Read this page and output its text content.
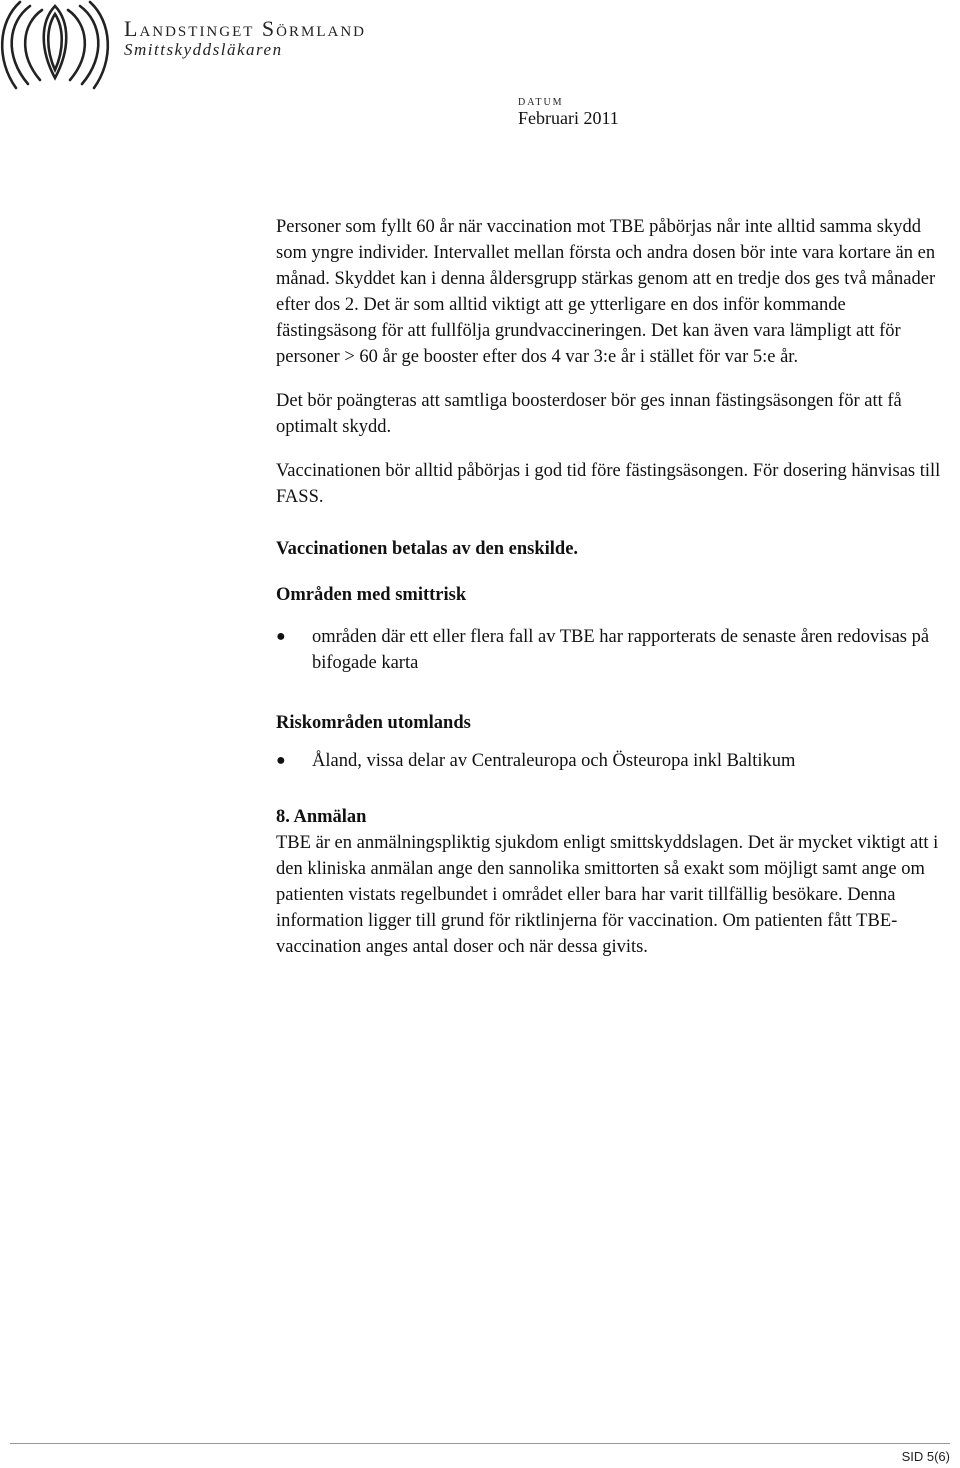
Landstinget Sörmland

Smittskyddsläkaren

DATUM

Februari 2011

Personer som fyllt 60 år när vaccination mot TBE påbörjas når inte alltid samma skydd som yngre individer. Intervallet mellan första och andra dosen bör inte vara kortare än en månad. Skyddet kan i denna åldersgrupp stärkas genom att en tredje dos ges två månader efter dos 2. Det är som alltid viktigt att ge ytterligare en dos inför kommande fästingsäsong för att fullfölja grundvaccineringen. Det kan även vara lämpligt att för personer > 60 år ge booster efter dos 4 var 3:e år i stället för var 5:e år.

Det bör poängteras att samtliga boosterdoser bör ges innan fästingsäsongen för att få optimalt skydd.

Vaccinationen bör alltid påbörjas i god tid före fästingsäsongen. För dosering hänvisas till FASS.

Vaccinationen betalas av den enskilde.

Områden med smittrisk

● områden där ett eller flera fall av TBE har rapporterats de senaste åren redovisas på bifogade karta

Riskområden utomlands

● Åland, vissa delar av Centraleuropa och Östeuropa inkl Baltikum

8. Anmälan

TBE är en anmälningspliktig sjukdom enligt smittskyddslagen. Det är mycket viktigt att i den kliniska anmälan ange den sannolika smittorten så exakt som möjligt samt ange om patienten vistats regelbundet i området eller bara har varit tillfällig besökare. Denna information ligger till grund för riktlinjerna för vaccination. Om patienten fått TBE-vaccination anges antal doser och när dessa givits.

SID 5(6)
